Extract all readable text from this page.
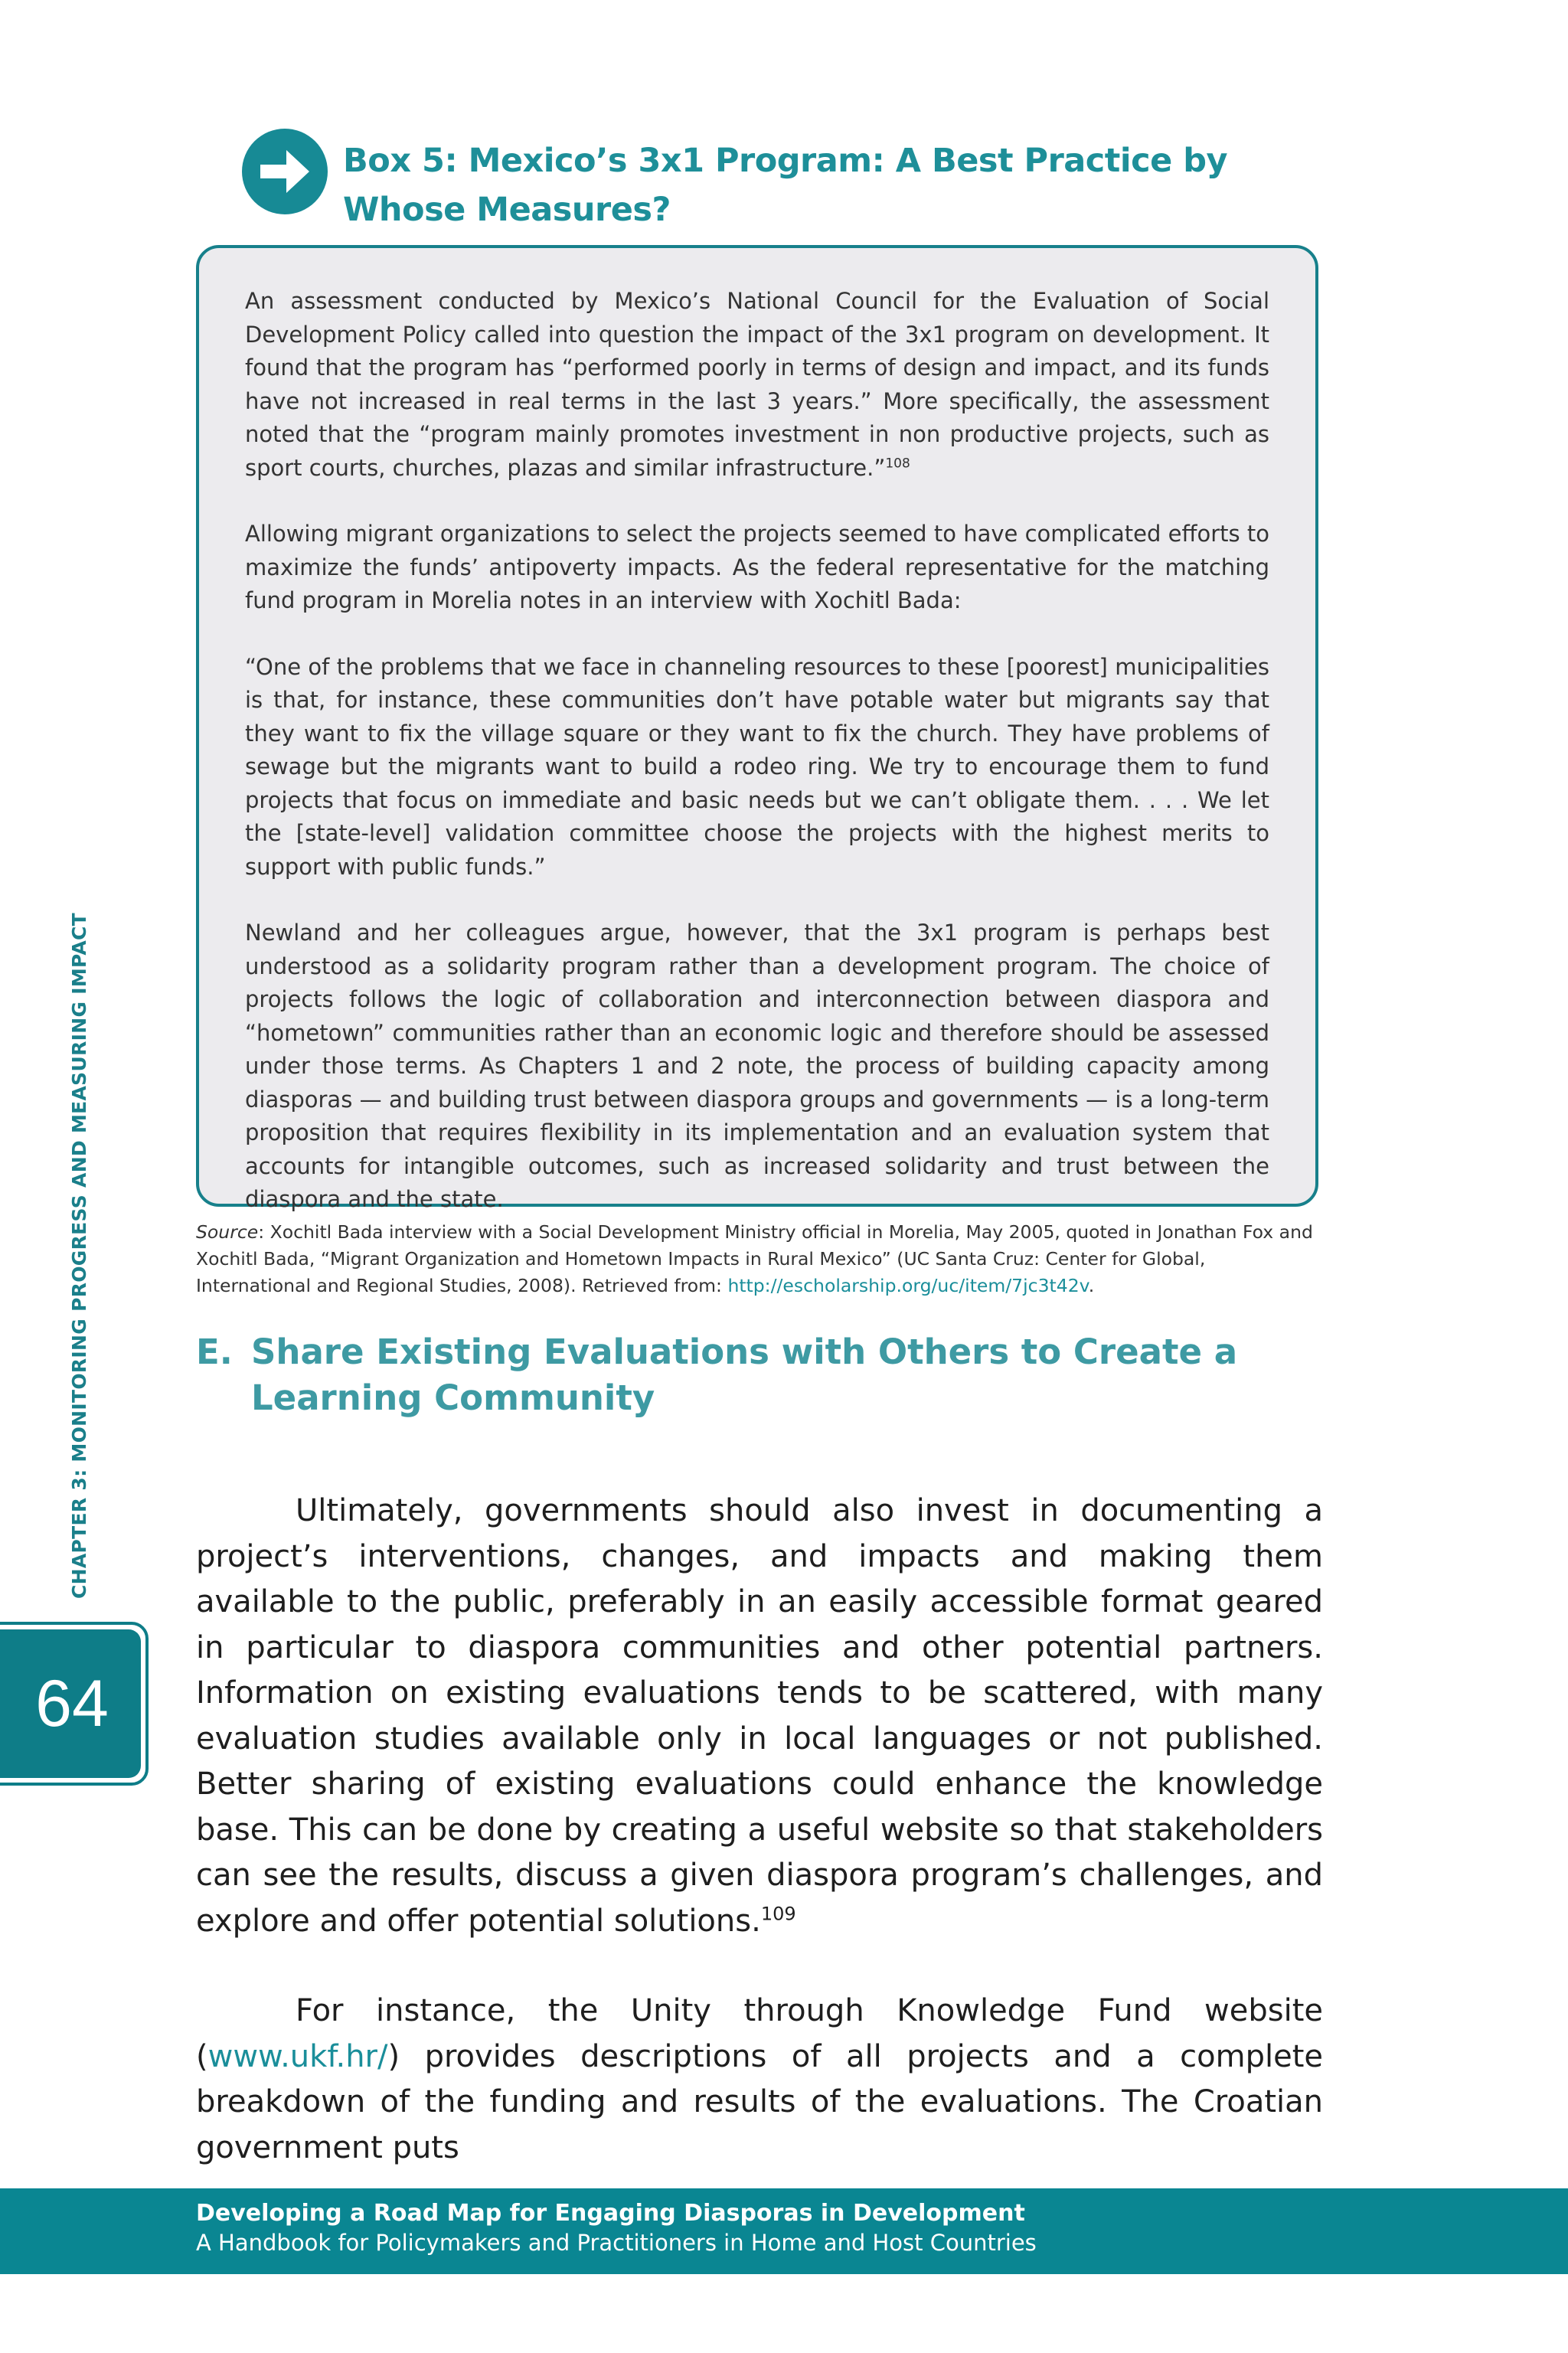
Box 5: Mexico’s 3x1 Program: A Best Practice by Whose Measures?

An assessment conducted by Mexico’s National Council for the Evaluation of Social Development Policy called into question the impact of the 3x1 program on development. It found that the program has “performed poorly in terms of design and impact, and its funds have not increased in real terms in the last 3 years.” More specifically, the assessment noted that the “program mainly promotes investment in non productive projects, such as sport courts, churches, plazas and similar infrastructure.”$^{108}$

Allowing migrant organizations to select the projects seemed to have complicated efforts to maximize the funds’ antipoverty impacts. As the federal representative for the matching fund program in Morelia notes in an interview with Xochitl Bada:

“One of the problems that we face in channeling resources to these [poorest] municipalities is that, for instance, these communities don’t have potable water but migrants say that they want to fix the village square or they want to fix the church. They have problems of sewage but the migrants want to build a rodeo ring. We try to encourage them to fund projects that focus on immediate and basic needs but we can’t obligate them. . . . We let the [state-level] validation committee choose the projects with the highest merits to support with public funds.”

Newland and her colleagues argue, however, that the 3x1 program is perhaps best understood as a solidarity program rather than a development program. The choice of projects follows the logic of collaboration and interconnection between diaspora and “hometown” communities rather than an economic logic and therefore should be assessed under those terms. As Chapters 1 and 2 note, the process of building capacity among diasporas — and building trust between diaspora groups and governments — is a long-term proposition that requires flexibility in its implementation and an evaluation system that accounts for intangible outcomes, such as increased solidarity and trust between the diaspora and the state.

Source: Xochitl Bada interview with a Social Development Ministry official in Morelia, May 2005, quoted in Jonathan Fox and Xochitl Bada, “Migrant Organization and Hometown Impacts in Rural Mexico” (UC Santa Cruz: Center for Global, International and Regional Studies, 2008). Retrieved from: http://escholarship.org/uc/item/7jc3t42v.

E. Share Existing Evaluations with Others to Create a Learning Community

Ultimately, governments should also invest in documenting a project’s interventions, changes, and impacts and making them available to the public, preferably in an easily accessible format geared in particular to diaspora communities and other potential partners. Information on existing evaluations tends to be scattered, with many evaluation studies available only in local languages or not published. Better sharing of existing evaluations could enhance the knowledge base. This can be done by creating a useful website so that stakeholders can see the results, discuss a given diaspora program’s challenges, and explore and offer potential solutions.$^{109}$

For instance, the Unity through Knowledge Fund website (www.ukf.hr/) provides descriptions of all projects and a complete breakdown of the funding and results of the evaluations. The Croatian government puts

CHAPTER 3: MONITORING PROGRESS AND MEASURING IMPACT
64
Developing a Road Map for Engaging Diasporas in Development
A Handbook for Policymakers and Practitioners in Home and Host Countries
